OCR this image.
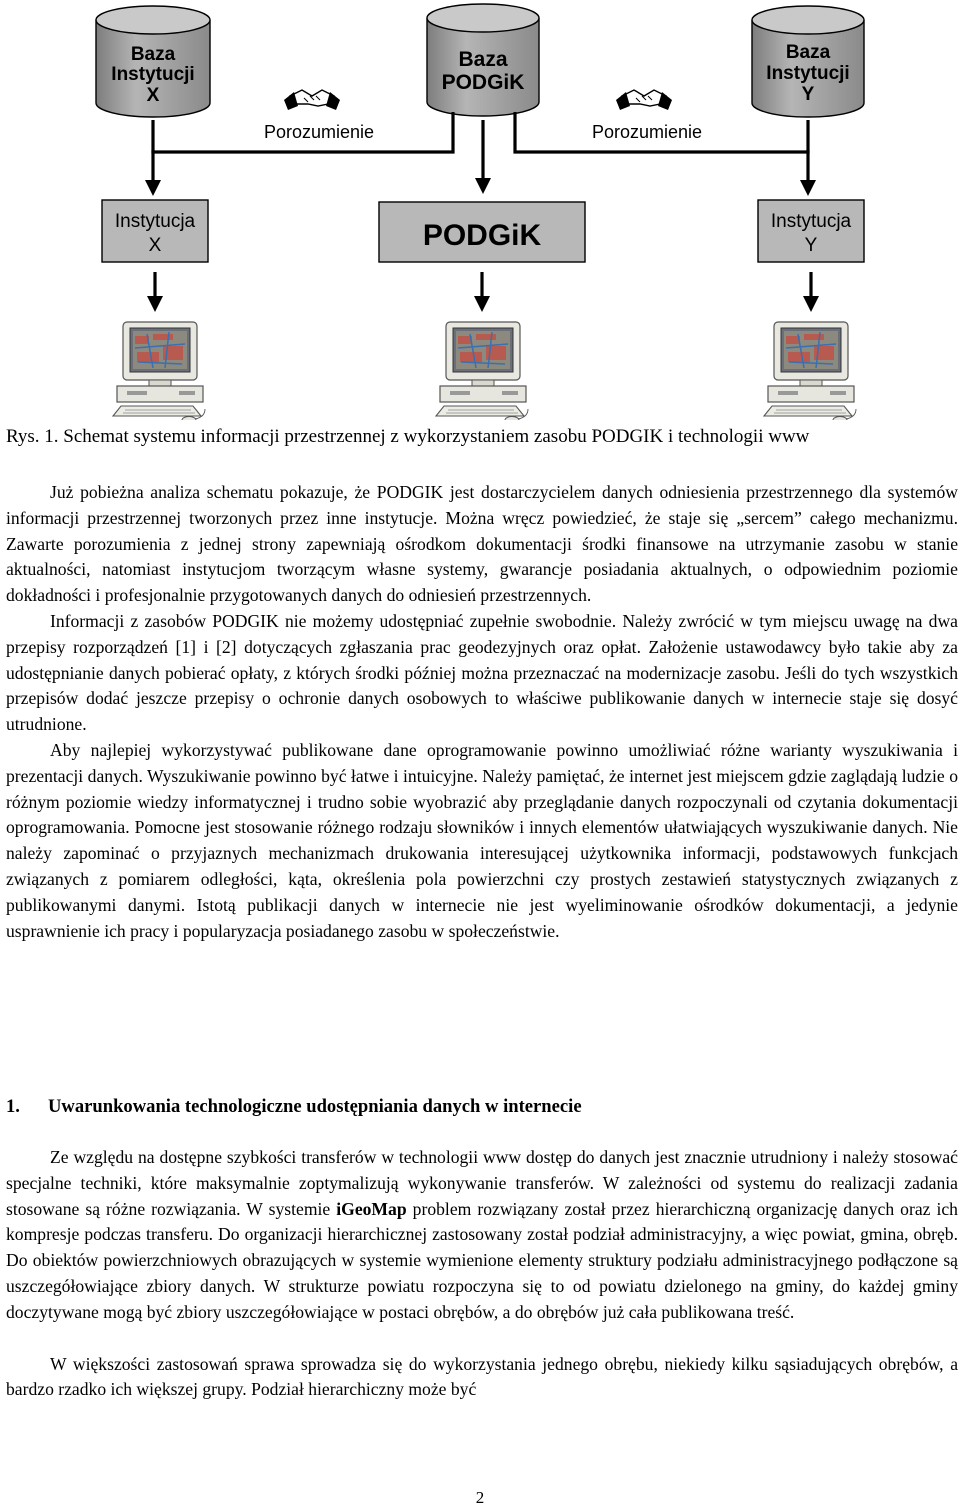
Baza
Instytucji
X
Baza
PODGiK
Baza
Instytucji
Y
Porozumienie	Porozumienie
Instytucja
X	PODGiK	Instytucja
Y
Rys. 1. Schemat systemu informacji przestrzennej z wykorzystaniem zasobu PODGIK i technologii www

Już pobieżna analiza schematu pokazuje, że PODGIK jest dostarczycielem danych odniesienia przestrzennego dla systemów informacji przestrzennej tworzonych przez inne instytucje. Można wręcz powiedzieć, że staje się „sercem” całego mechanizmu. Zawarte porozumienia z jednej strony zapewniają ośrodkom dokumentacji środki finansowe na utrzymanie zasobu w stanie aktualności, natomiast instytucjom tworzącym własne systemy, gwarancje posiadania aktualnych, o odpowiednim poziomie dokładności i profesjonalnie przygotowanych danych do odniesień przestrzennych.

Informacji z zasobów PODGIK nie możemy udostępniać zupełnie swobodnie. Należy zwrócić w tym miejscu uwagę na dwa przepisy rozporządzeń [1] i [2] dotyczących zgłaszania prac geodezyjnych oraz opłat. Założenie ustawodawcy było takie aby za udostępnianie danych pobierać opłaty, z których środki później można przeznaczać na modernizacje zasobu. Jeśli do tych wszystkich przepisów dodać jeszcze przepisy o ochronie danych osobowych to właściwe publikowanie danych w internecie staje się dosyć utrudnione.

Aby najlepiej wykorzystywać publikowane dane oprogramowanie powinno umożliwiać różne warianty wyszukiwania i prezentacji danych. Wyszukiwanie powinno być łatwe i intuicyjne. Należy pamiętać, że internet jest miejscem gdzie zaglądają ludzie o różnym poziomie wiedzy informatycznej i trudno sobie wyobrazić aby przeglądanie danych rozpoczynali od czytania dokumentacji oprogramowania. Pomocne jest stosowanie różnego rodzaju słowników i innych elementów ułatwiających wyszukiwanie danych. Nie należy zapominać o przyjaznych mechanizmach drukowania interesującej użytkownika informacji, podstawowych funkcjach związanych z pomiarem odległości, kąta, określenia pola powierzchni czy prostych zestawień statystycznych związanych z publikowanymi danymi. Istotą publikacji danych w internecie nie jest wyeliminowanie ośrodków dokumentacji, a jedynie usprawnienie ich pracy i popularyzacja posiadanego zasobu w społeczeństwie.

1. Uwarunkowania technologiczne udostępniania danych w internecie

Ze względu na dostępne szybkości transferów w technologii www dostęp do danych jest znacznie utrudniony i należy stosować specjalne techniki, które maksymalnie zoptymalizują wykonywanie transferów. W zależności od systemu do realizacji zadania stosowane są różne rozwiązania. W systemie iGeoMap problem rozwiązany został przez hierarchiczną organizację danych oraz ich kompresje podczas transferu. Do organizacji hierarchicznej zastosowany został podział administracyjny, a więc powiat, gmina, obręb. Do obiektów powierzchniowych obrazujących w systemie wymienione elementy struktury podziału administracyjnego podłączone są uszczegółowiające zbiory danych. W strukturze powiatu rozpoczyna się to od powiatu dzielonego na gminy, do każdej gminy doczytywane mogą być zbiory uszczegółowiające w postaci obrębów, a do obrębów już cała publikowana treść.

W większości zastosowań sprawa sprowadza się do wykorzystania jednego obrębu, niekiedy kilku sąsiadujących obrębów, a bardzo rzadko ich większej grupy. Podział hierarchiczny może być

2
